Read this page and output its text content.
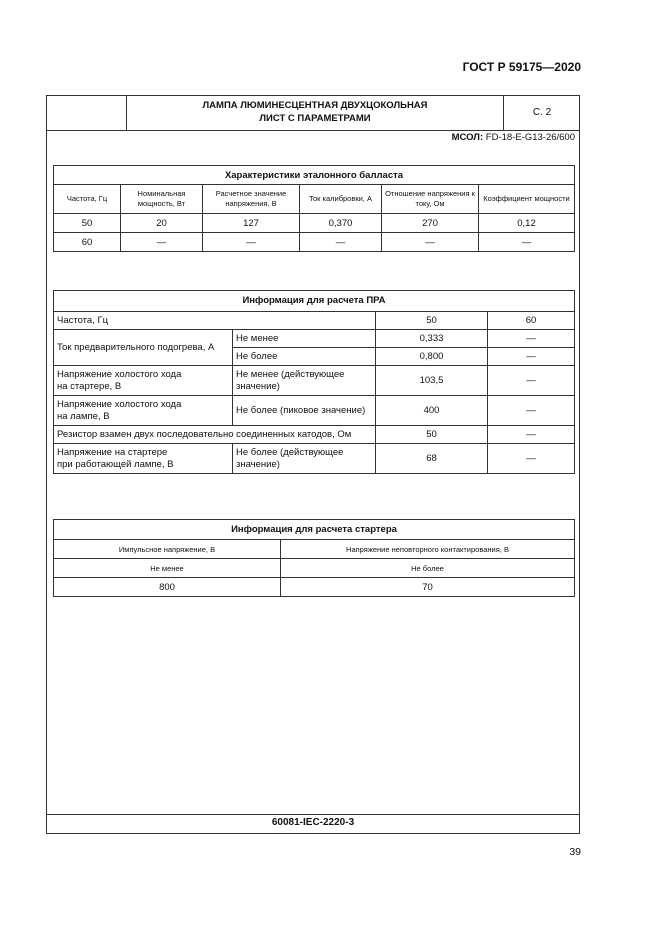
ГОСТ Р 59175—2020
ЛАМПА ЛЮМИНЕСЦЕНТНАЯ ДВУХЦОКОЛЬНАЯ
ЛИСТ С ПАРАМЕТРАМИ
С. 2
МСОЛ: FD-18-E-G13-26/600
Характеристики эталонного балласта					
Частота, Гц	Номинальная мощность, Вт	Расчетное значение напряжения, В	Ток калибровки, А	Отношение напряжения к току, Ом	Коэффициент мощности
50	20	127	0,370	270	0,12
60	—	—	—	—	—
Информация для расчета ПРА			
Частота, Гц		50	60
Ток предварительного подогрева, А	Не менее	0,333	—
	Не более	0,800	—

Напряжение холостого хода
на стартере, В	Не менее (действующее значение)	103,5	—

Напряжение холостого хода
на лампе, В	Не более (пиковое значение)	400	—
Резистор взамен двух последовательно соединенных катодов, Ом		50	—

Напряжение на стартере
при работающей лампе, В	Не более (действующее значение)	68	—
Информация для расчета стартера	
Импульсное напряжение, В	Напряжение неповторного контактирования, В
Не менее	Не более
800	70
60081-IEC-2220-3
39
